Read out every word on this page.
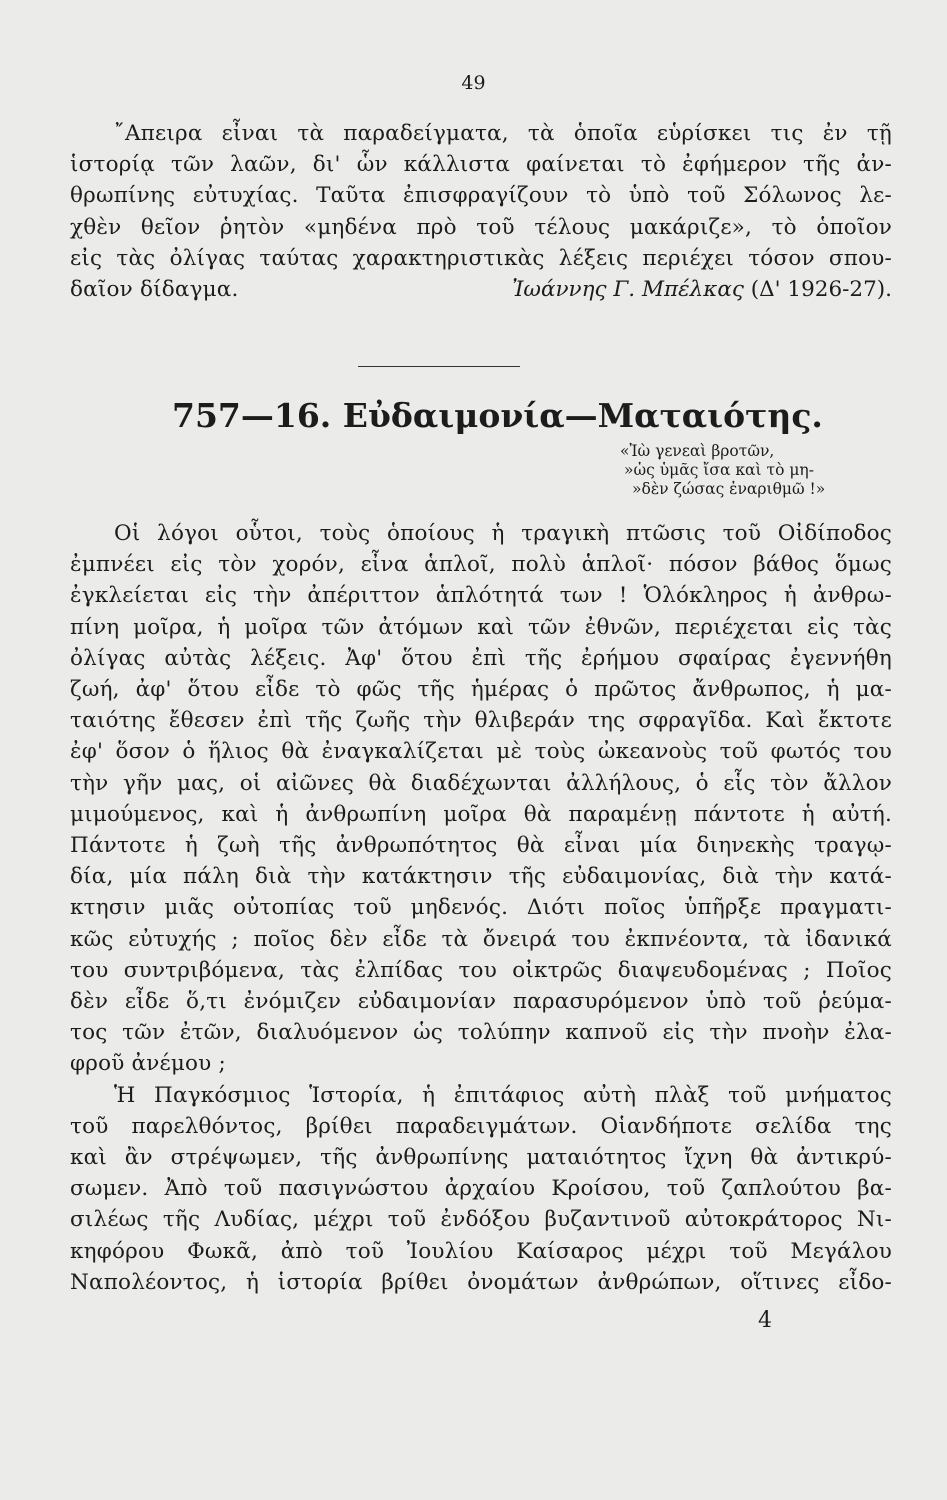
49
῎Απειρα εἶναι τὰ παραδείγματα, τὰ ὁποῖα εὑρίσκει τις ἐν τῇ
ἱστορίᾳ τῶν λαῶν, δι' ὧν κάλλιστα φαίνεται τὸ ἐφήμερον τῆς ἀν-
θρωπίνης εὐτυχίας. Ταῦτα ἐπισφραγίζουν τὸ ὑπὸ τοῦ Σόλωνος λε-
χθὲν θεῖον ῥητὸν «μηδένα πρὸ τοῦ τέλους μακάριζε», τὸ ὁποῖον
εἰς τὰς ὀλίγας ταύτας χαρακτηριστικὰς λέξεις περιέχει τόσον σπου-
δαῖον δίδαγμα.	Ἰωάννης Γ. Μπέλκας (Δ' 1926-27).
757—16. Εὐδαιμονία—Ματαιότης.
«Ἰὼ γενεαὶ βροτῶν,
»ὡς ὑμᾶς ἴσα καὶ τὸ μη-
»δὲν ζώσας ἐναριθμῶ !»
Οἱ λόγοι οὗτοι, τοὺς ὁποίους ἡ τραγικὴ πτῶσις τοῦ Οἰδίποδος
ἐμπνέει εἰς τὸν χορόν, εἶνα ἁπλοῖ, πολὺ ἁπλοῖ· πόσον βάθος ὅμως
ἐγκλείεται εἰς τὴν ἀπέριττον ἁπλότητά των ! Ὁλόκληρος ἡ ἀνθρω-
πίνη μοῖρα, ἡ μοῖρα τῶν ἀτόμων καὶ τῶν ἐθνῶν, περιέχεται εἰς τὰς
ὀλίγας αὐτὰς λέξεις. Ἀφ' ὅτου ἐπὶ τῆς ἐρήμου σφαίρας ἐγεννήθη
ζωή, ἀφ' ὅτου εἶδε τὸ φῶς τῆς ἡμέρας ὁ πρῶτος ἄνθρωπος, ἡ μα-
ταιότης ἔθεσεν ἐπὶ τῆς ζωῆς τὴν θλιβεράν της σφραγῖδα. Καὶ ἔκτοτε
ἐφ' ὅσον ὁ ἥλιος θὰ ἐναγκαλίζεται μὲ τοὺς ὠκεανοὺς τοῦ φωτός του
τὴν γῆν μας, οἱ αἰῶνες θὰ διαδέχωνται ἀλλήλους, ὁ εἷς τὸν ἄλλον
μιμούμενος, καὶ ἡ ἀνθρωπίνη μοῖρα θὰ παραμένῃ πάντοτε ἡ αὐτή.
Πάντοτε ἡ ζωὴ τῆς ἀνθρωπότητος θὰ εἶναι μία διηνεκὴς τραγῳ-
δία, μία πάλη διὰ τὴν κατάκτησιν τῆς εὐδαιμονίας, διὰ τὴν κατά-
κτησιν μιᾶς οὐτοπίας τοῦ μηδενός. Διότι ποῖος ὑπῆρξε πραγματι-
κῶς εὐτυχής ; ποῖος δὲν εἶδε τὰ ὄνειρά του ἐκπνέοντα, τὰ ἰδανικά
του συντριβόμενα, τὰς ἐλπίδας του οἰκτρῶς διαψευδομένας ; Ποῖος
δὲν εἶδε ὅ,τι ἐνόμιζεν εὐδαιμονίαν παρασυρόμενον ὑπὸ τοῦ ῥεύμα-
τος τῶν ἐτῶν, διαλυόμενον ὡς τολύπην καπνοῦ εἰς τὴν πνοὴν ἐλα-
φροῦ ἀνέμου ;
Ἡ Παγκόσμιος Ἱστορία, ἡ ἐπιτάφιος αὐτὴ πλὰξ τοῦ μνήματος
τοῦ παρελθόντος, βρίθει παραδειγμάτων. Οἱανδήποτε σελίδα της
καὶ ἂν στρέψωμεν, τῆς ἀνθρωπίνης ματαιότητος ἴχνη θὰ ἀντικρύ-
σωμεν. Ἀπὸ τοῦ πασιγνώστου ἀρχαίου Κροίσου, τοῦ ζαπλούτου βα-
σιλέως τῆς Λυδίας, μέχρι τοῦ ἐνδόξου βυζαντινοῦ αὐτοκράτορος Νι-
κηφόρου Φωκᾶ, ἀπὸ τοῦ Ἰουλίου Καίσαρος μέχρι τοῦ Μεγάλου
Ναπολέοντος, ἡ ἱστορία βρίθει ὀνομάτων ἀνθρώπων, οἵτινες εἶδο-
4
